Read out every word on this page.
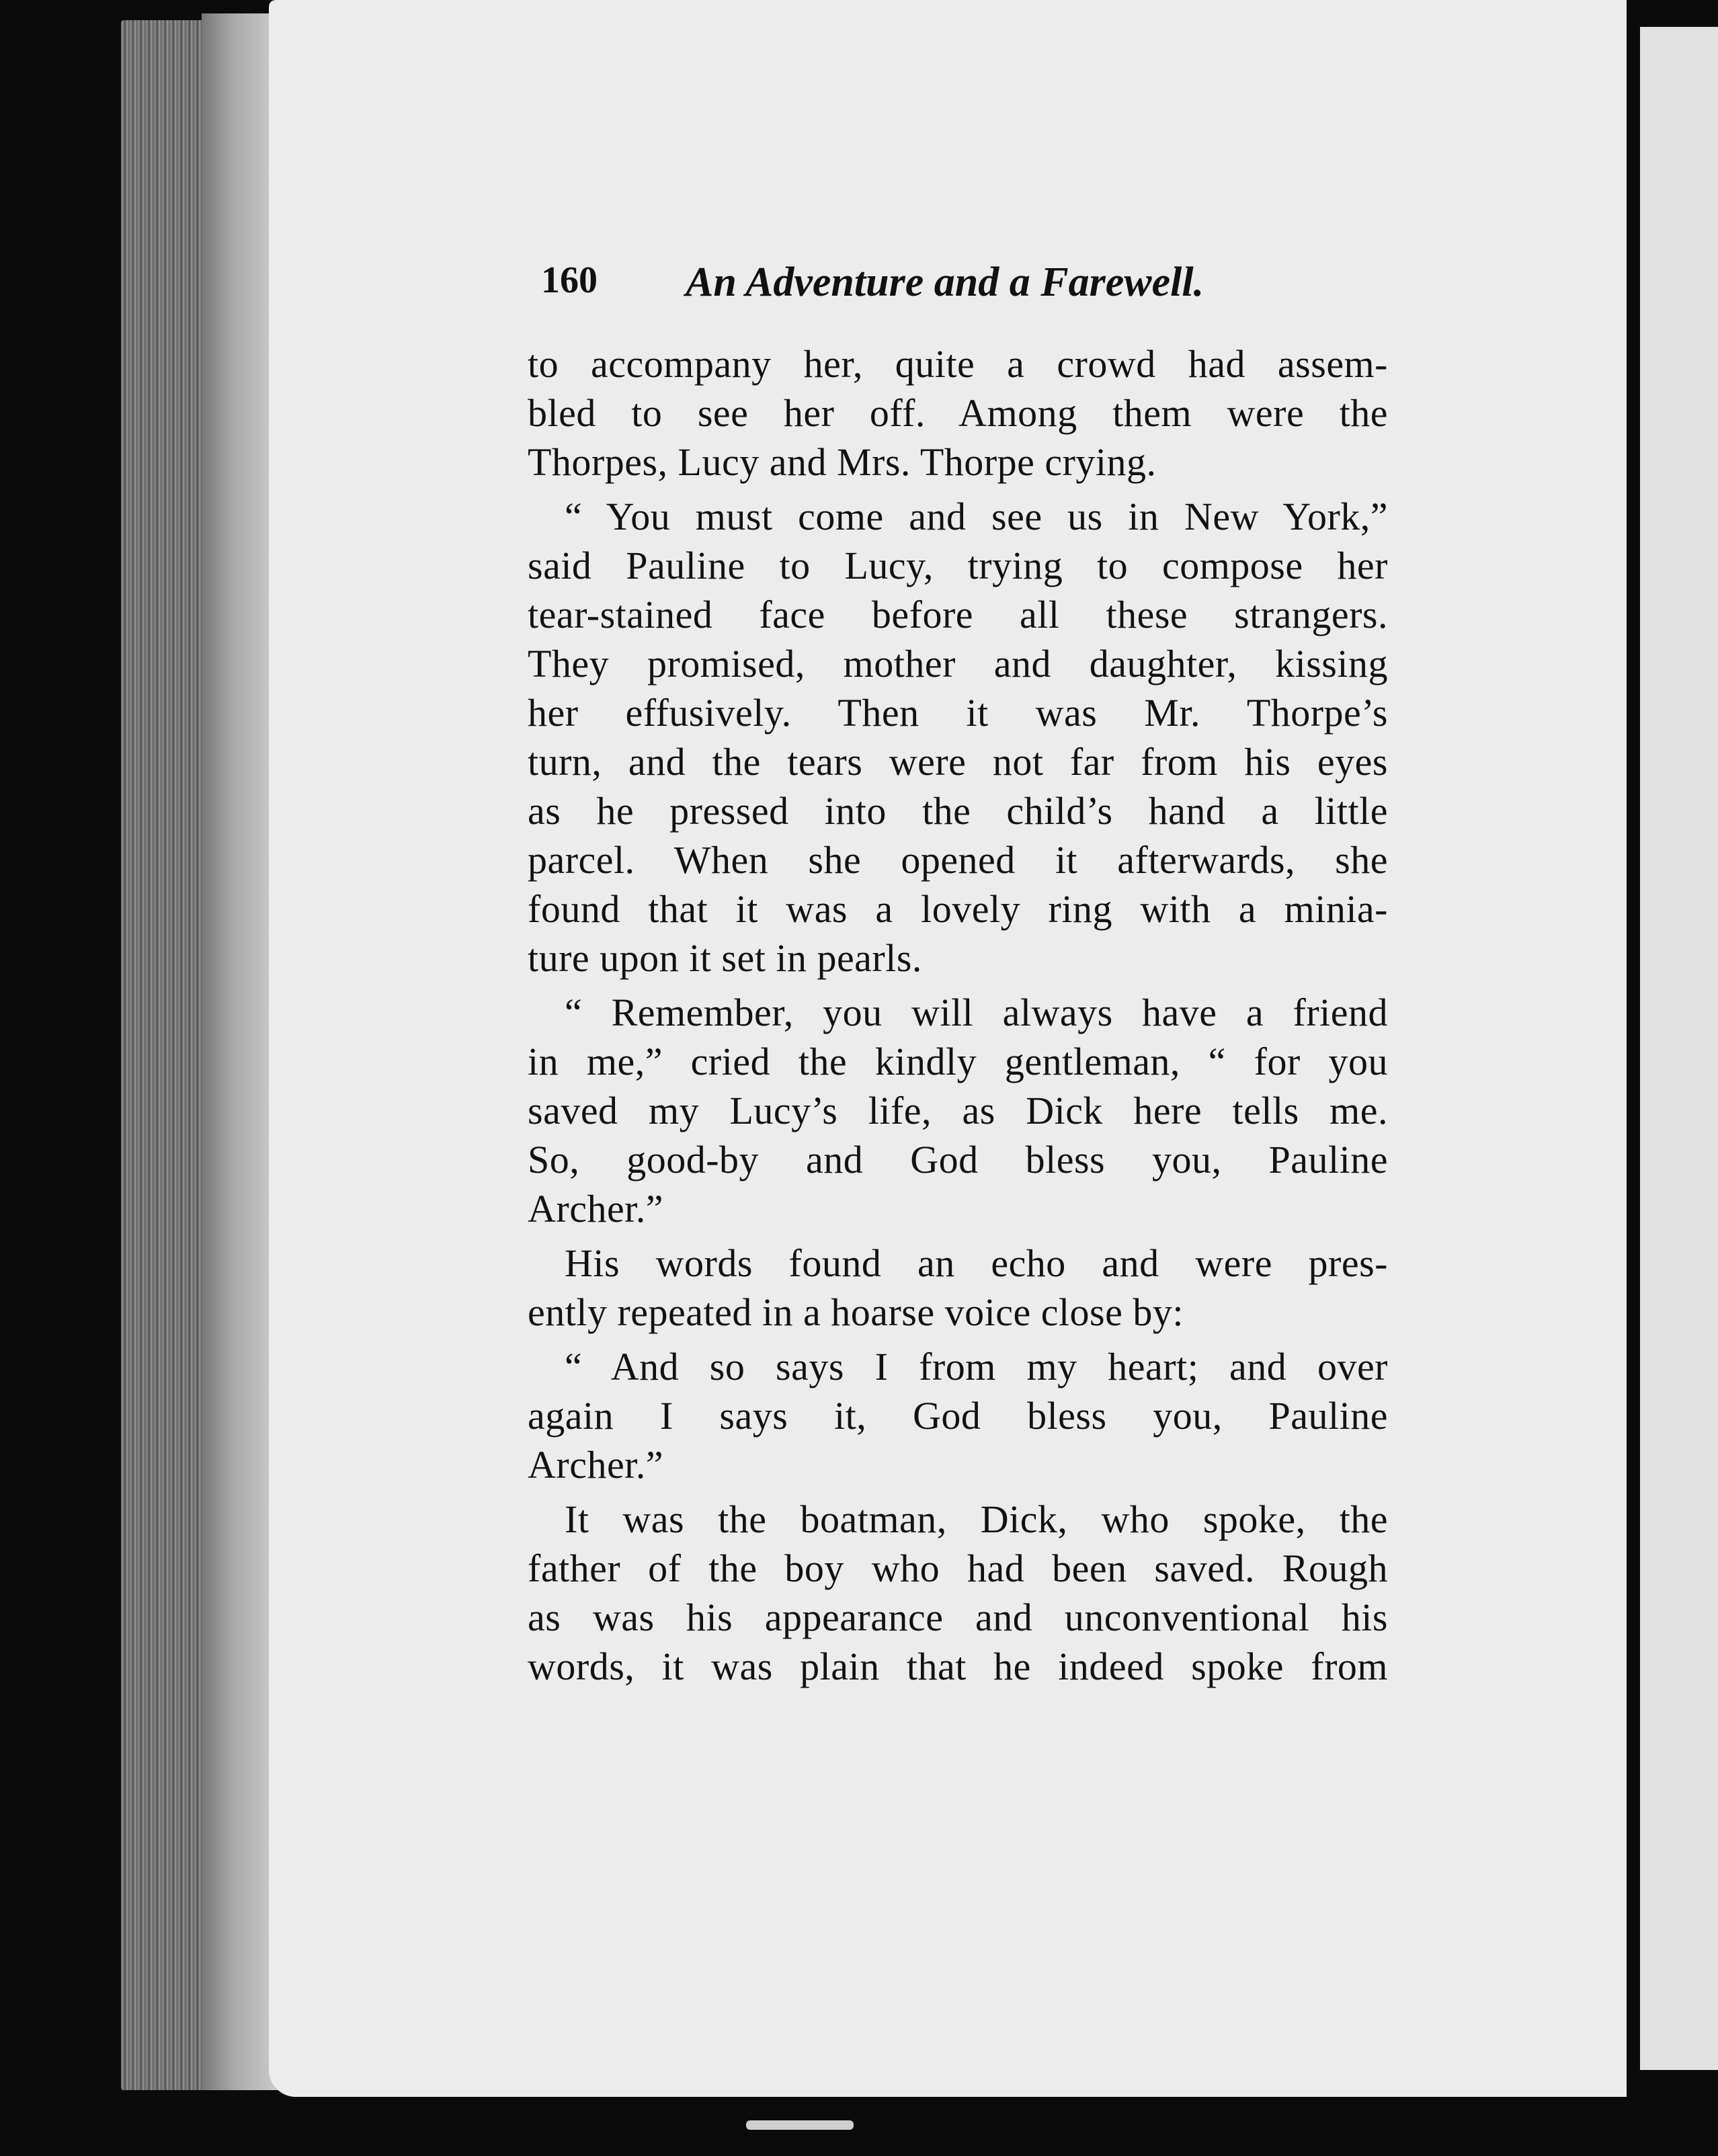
160 An Adventure and a Farewell.
to accompany her, quite a crowd had assem-
bled to see her off. Among them were the
Thorpes, Lucy and Mrs. Thorpe crying.
“ You must come and see us in New York,”
said Pauline to Lucy, trying to compose her
tear-stained face before all these strangers.
They promised, mother and daughter, kissing
her effusively. Then it was Mr. Thorpe’s
turn, and the tears were not far from his eyes
as he pressed into the child’s hand a little
parcel. When she opened it afterwards, she
found that it was a lovely ring with a minia-
ture upon it set in pearls.
“ Remember, you will always have a friend
in me,” cried the kindly gentleman, “ for you
saved my Lucy’s life, as Dick here tells me.
So, good-by and God bless you, Pauline
Archer.”
His words found an echo and were pres-
ently repeated in a hoarse voice close by:
“ And so says I from my heart; and over
again I says it, God bless you, Pauline
Archer.”
It was the boatman, Dick, who spoke, the
father of the boy who had been saved. Rough
as was his appearance and unconventional his
words, it was plain that he indeed spoke from
